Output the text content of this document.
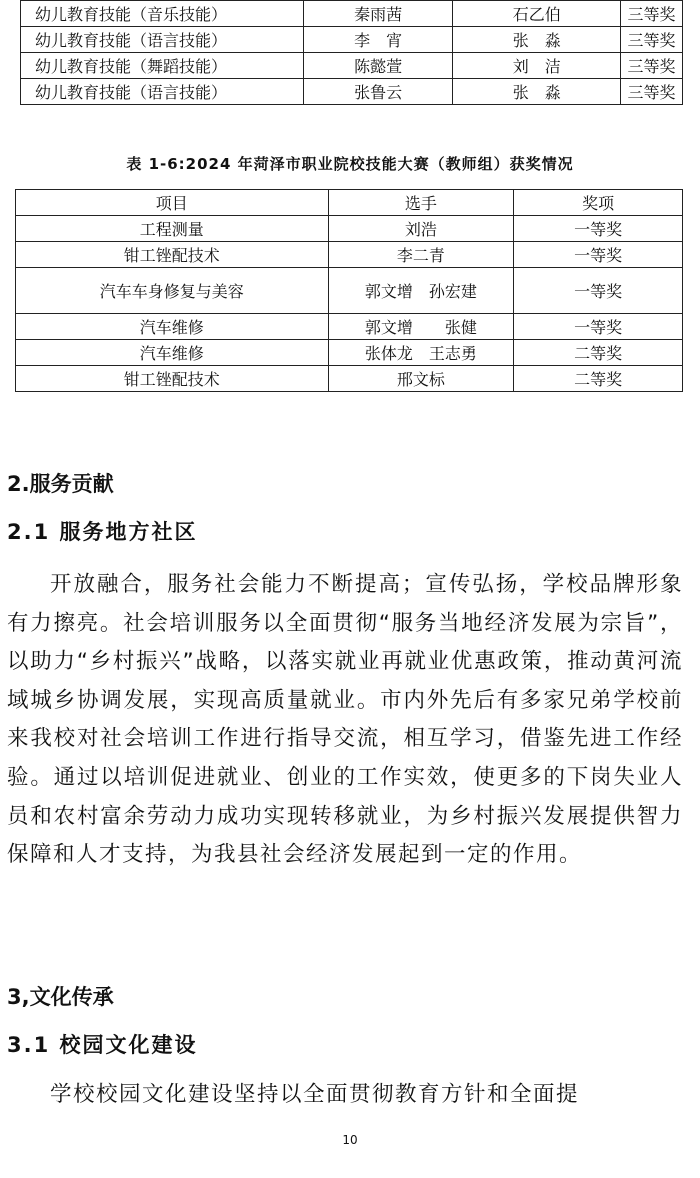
幼儿教育技能（音乐技能）	秦雨茜	石乙伯	三等奖
幼儿教育技能（语言技能）	李　宵	张　淼	三等奖
幼儿教育技能（舞蹈技能）	陈懿萱	刘　洁	三等奖
幼儿教育技能（语言技能）	张鲁云	张　淼	三等奖
表 1-6:2024 年菏泽市职业院校技能大赛（教师组）获奖情况
项目	选手	奖项
工程测量	刘浩	一等奖
钳工锉配技术	李二青	一等奖
汽车车身修复与美容	郭文增　孙宏建	一等奖
汽车维修	郭文增　　张健	一等奖
汽车维修	张体龙　王志勇	二等奖
钳工锉配技术	邢文标	二等奖
2.服务贡献
2.1 服务地方社区

开放融合，服务社会能力不断提高；宣传弘扬，学校品牌形象有力擦亮。社会培训服务以全面贯彻“服务当地经济发展为宗旨”，以助力“乡村振兴”战略，以落实就业再就业优惠政策，推动黄河流域城乡协调发展，实现高质量就业。市内外先后有多家兄弟学校前来我校对社会培训工作进行指导交流，相互学习，借鉴先进工作经验。通过以培训促进就业、创业的工作实效，使更多的下岗失业人员和农村富余劳动力成功实现转移就业，为乡村振兴发展提供智力保障和人才支持，为我县社会经济发展起到一定的作用。

3,文化传承
3.1 校园文化建设

学校校园文化建设坚持以全面贯彻教育方针和全面提

10
